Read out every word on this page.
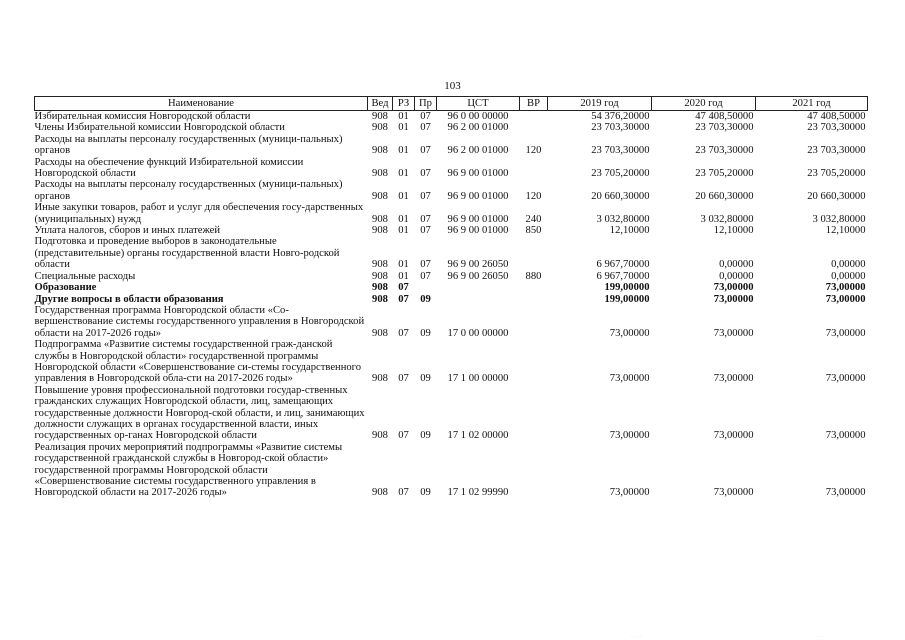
103
Наименование	Вед	РЗ	Пр	ЦСТ	ВР	2019 год	2020 год	2021 год
Избирательная комиссия Новгородской области	908	01	07	96 0 00 00000		54 376,20000	47 408,50000	47 408,50000
Члены Избирательной комиссии Новгородской области	908	01	07	96 2 00 01000		23 703,30000	23 703,30000	23 703,30000
Расходы на выплаты персоналу государственных (муници-пальных) органов	908	01	07	96 2 00 01000	120	23 703,30000	23 703,30000	23 703,30000
Расходы на обеспечение функций Избирательной комиссии Новгородской области	908	01	07	96 9 00 01000		23 705,20000	23 705,20000	23 705,20000
Расходы на выплаты персоналу государственных (муници-пальных) органов	908	01	07	96 9 00 01000	120	20 660,30000	20 660,30000	20 660,30000
Иные закупки товаров, работ и услуг для обеспечения госу-дарственных (муниципальных) нужд	908	01	07	96 9 00 01000	240	3 032,80000	3 032,80000	3 032,80000
Уплата налогов, сборов и иных платежей	908	01	07	96 9 00 01000	850	12,10000	12,10000	12,10000
Подготовка и проведение выборов в законодательные (представительные) органы государственной власти Новго-родской области	908	01	07	96 9 00 26050		6 967,70000	0,00000	0,00000
Специальные расходы	908	01	07	96 9 00 26050	880	6 967,70000	0,00000	0,00000
Образование	908	07				199,00000	73,00000	73,00000
Другие вопросы в области образования	908	07	09			199,00000	73,00000	73,00000
Государственная программа Новгородской области «Со-вершенствование системы государственного управления в Новгородской области на 2017-2026 годы»	908	07	09	17 0 00 00000		73,00000	73,00000	73,00000
Подпрограмма «Развитие системы государственной граж-данской службы в Новгородской области» государственной программы Новгородской области «Совершенствование си-стемы государственного управления в Новгородской обла-сти на 2017-2026 годы»	908	07	09	17 1 00 00000		73,00000	73,00000	73,00000
Повышение уровня профессиональной подготовки государ-ственных гражданских служащих Новгородской области, лиц, замещающих государственные должности Новгород-ской области, и лиц, занимающих должности служащих в органах государственной власти, иных государственных ор-ганах Новгородской области	908	07	09	17 1 02 00000		73,00000	73,00000	73,00000
Реализация прочих мероприятий подпрограммы «Развитие системы государственной гражданской службы в Новгород-ской области» государственной программы Новгородской области «Совершенствование системы государственного управления в Новгородской области на 2017-2026 годы»	908	07	09	17 1 02 99990		73,00000	73,00000	73,00000
· · · · · ·	· · ·
